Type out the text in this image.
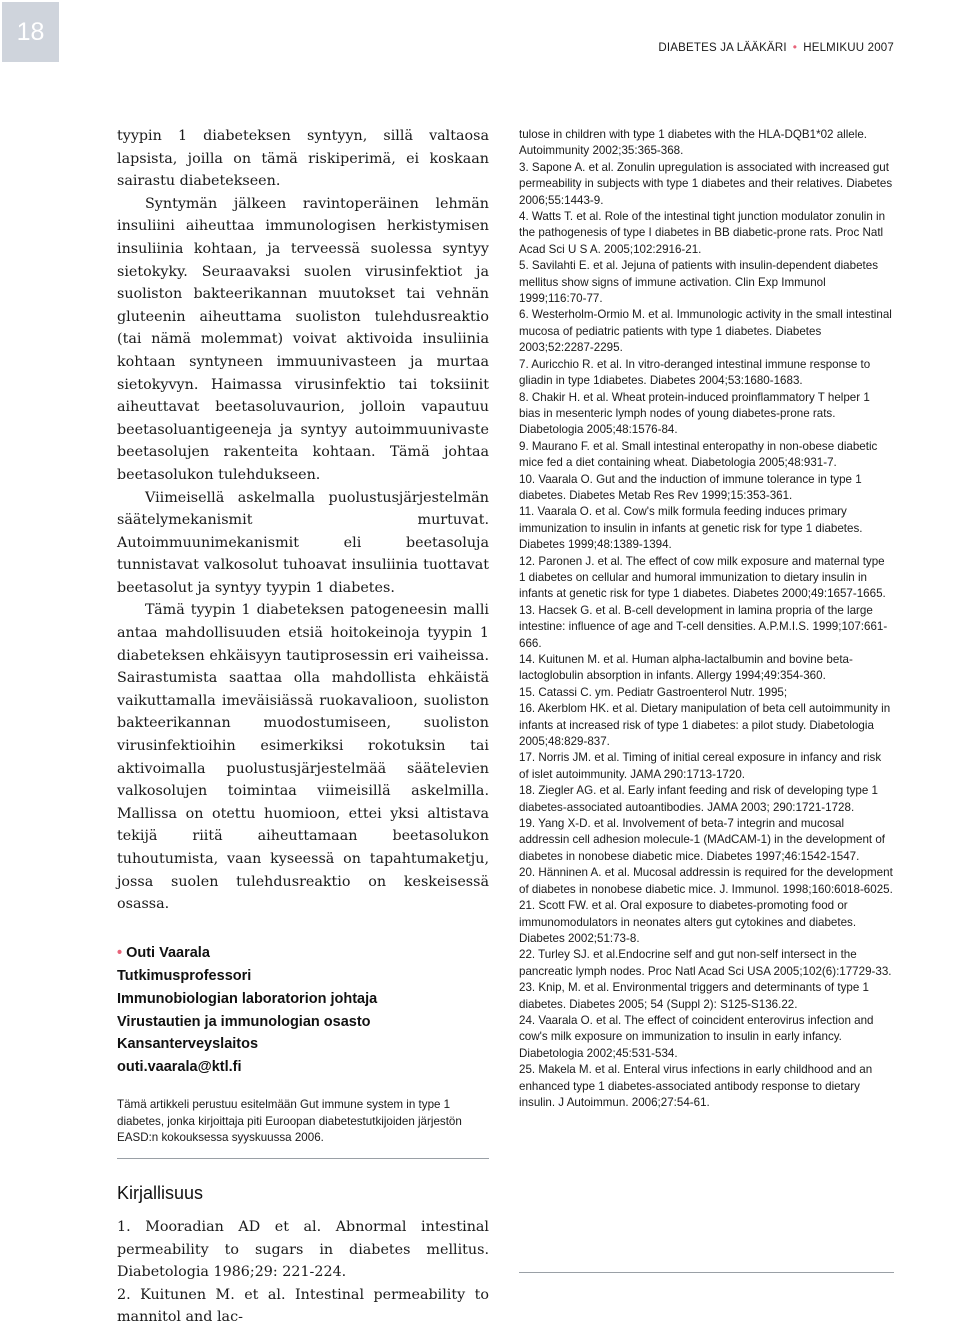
18
DIABETES JA LÄÄKÄRI • HELMIKUU 2007

tyypin 1 diabeteksen syntyyn, sillä valtaosa lapsista, joilla on tämä riskiperimä, ei koskaan sairastu diabetekseen.

Syntymän jälkeen ravintoperäinen lehmän insuliini aiheuttaa immunologisen herkistymisen insuliinia kohtaan, ja terveessä suolessa syntyy sietokyky. Seuraavaksi suolen virusinfektiot ja suoliston bakteerikannan muutokset tai vehnän gluteenin aiheuttama suoliston tulehdusreaktio (tai nämä molemmat) voivat aktivoida insuliinia kohtaan syntyneen immuunivasteen ja murtaa sietokyvyn. Haimassa virusinfektio tai toksiinit aiheuttavat beetasoluvaurion, jolloin vapautuu beetasoluantigeeneja ja syntyy autoimmuunivaste beetasolujen rakenteita kohtaan. Tämä johtaa beetasolukon tulehdukseen.

Viimeisellä askelmalla puolustusjärjestelmän säätelymekanismit murtuvat. Autoimmuunimekanismit eli beetasoluja tunnistavat valkosolut tuhoavat insuliinia tuottavat beetasolut ja syntyy tyypin 1 diabetes.

Tämä tyypin 1 diabeteksen patogeneesin malli antaa mahdollisuuden etsiä hoitokeinoja tyypin 1 diabeteksen ehkäisyyn tautiprosessin eri vaiheissa. Sairastumista saattaa olla mahdollista ehkäistä vaikuttamalla imeväisiässä ruokavalioon, suoliston bakteerikannan muodostumiseen, suoliston virusinfektioihin esimerkiksi rokotuksin tai aktivoimalla puolustusjärjestelmää säätelevien valkosolujen toimintaa viimeisillä askelmilla. Mallissa on otettu huomioon, ettei yksi altistava tekijä riitä aiheuttamaan beetasolukon tuhoutumista, vaan kyseessä on tapahtumaketju, jossa suolen tulehdusreaktio on keskeisessä osassa.

• Outi Vaarala
Tutkimusprofessori
Immunobiologian laboratorion johtaja
Virustautien ja immunologian osasto
Kansanterveyslaitos
outi.vaarala@ktl.fi
Tämä artikkeli perustuu esitelmään Gut immune system in type 1 diabetes, jonka kirjoittaja piti Euroopan diabetestutkijoiden järjestön EASD:n kokouksessa syyskuussa 2006.
Kirjallisuus

1. Mooradian AD et al. Abnormal intestinal permeability to sugars in diabetes mellitus. Diabetologia 1986;29: 221-224.

2. Kuitunen M. et al. Intestinal permeability to mannitol and lac-

tulose in children with type 1 diabetes with the HLA-DQB1*02 allele. Autoimmunity 2002;35:365-368.

3. Sapone A. et al. Zonulin upregulation is associated with increased gut permeability in subjects with type 1 diabetes and their relatives. Diabetes 2006;55:1443-9.

4. Watts T. et al. Role of the intestinal tight junction modulator zonulin in the pathogenesis of type I diabetes in BB diabetic-prone rats. Proc Natl Acad Sci U S A. 2005;102:2916-21.

5. Savilahti E. et al. Jejuna of patients with insulin-dependent diabetes mellitus show signs of immune activation. Clin Exp Immunol 1999;116:70-77.

6. Westerholm-Ormio M. et al. Immunologic activity in the small intestinal mucosa of pediatric patients with type 1 diabetes. Diabetes 2003;52:2287-2295.

7. Auricchio R. et al. In vitro-deranged intestinal immune response to gliadin in type 1diabetes. Diabetes 2004;53:1680-1683.

8. Chakir H. et al. Wheat protein-induced proinflammatory T helper 1 bias in mesenteric lymph nodes of young diabetes-prone rats. Diabetologia 2005;48:1576-84.

9. Maurano F. et al. Small intestinal enteropathy in non-obese diabetic mice fed a diet containing wheat. Diabetologia 2005;48:931-7.

10. Vaarala O. Gut and the induction of immune tolerance in type 1 diabetes. Diabetes Metab Res Rev 1999;15:353-361.

11. Vaarala O. et al. Cow's milk formula feeding induces primary immunization to insulin in infants at genetic risk for type 1 diabetes. Diabetes 1999;48:1389-1394.

12. Paronen J. et al. The effect of cow milk exposure and maternal type 1 diabetes on cellular and humoral immunization to dietary insulin in infants at genetic risk for type 1 diabetes. Diabetes 2000;49:1657-1665.

13. Hacsek G. et al. B-cell development in lamina propria of the large intestine: influence of age and T-cell densities. A.P.M.I.S. 1999;107:661-666.

14. Kuitunen M. et al. Human alpha-lactalbumin and bovine beta-lactoglobulin absorption in infants. Allergy 1994;49:354-360.

15. Catassi C. ym. Pediatr Gastroenterol Nutr. 1995;

16. Akerblom HK. et al. Dietary manipulation of beta cell autoimmunity in infants at increased risk of type 1 diabetes: a pilot study. Diabetologia 2005;48:829-837.

17. Norris JM. et al. Timing of initial cereal exposure in infancy and risk of islet autoimmunity. JAMA 290:1713-1720.

18. Ziegler AG. et al. Early infant feeding and risk of developing type 1 diabetes-associated autoantibodies. JAMA 2003; 290:1721-1728.

19. Yang X-D. et al. Involvement of beta-7 integrin and mucosal addressin cell adhesion molecule-1 (MAdCAM-1) in the development of diabetes in nonobese diabetic mice. Diabetes 1997;46:1542-1547.

20. Hänninen A. et al. Mucosal addressin is required for the development of diabetes in nonobese diabetic mice. J. Immunol. 1998;160:6018-6025.

21. Scott FW. et al. Oral exposure to diabetes-promoting food or immunomodulators in neonates alters gut cytokines and diabetes. Diabetes 2002;51:73-8.

22. Turley SJ. et al.Endocrine self and gut non-self intersect in the pancreatic lymph nodes. Proc Natl Acad Sci USA 2005;102(6):17729-33.

23. Knip, M. et al. Environmental triggers and determinants of type 1 diabetes. Diabetes 2005; 54 (Suppl 2): S125-S136.22.

24. Vaarala O. et al. The effect of coincident enterovirus infection and cow's milk exposure on immunization to insulin in early infancy. Diabetologia 2002;45:531-534.

25. Makela M. et al. Enteral virus infections in early childhood and an enhanced type 1 diabetes-associated antibody response to dietary insulin. J Autoimmun. 2006;27:54-61.
